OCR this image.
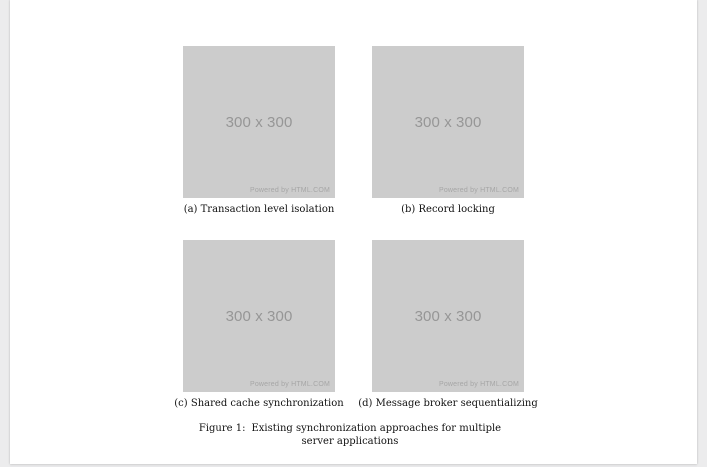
300 x 300
Powered by HTML.COM
(a) Transaction level isolation
300 x 300
Powered by HTML.COM
(b) Record locking
300 x 300
Powered by HTML.COM
(c) Shared cache synchronization
300 x 300
Powered by HTML.COM
(d) Message broker sequentializing
Figure 1: Existing synchronization approaches for multiple
server applications
